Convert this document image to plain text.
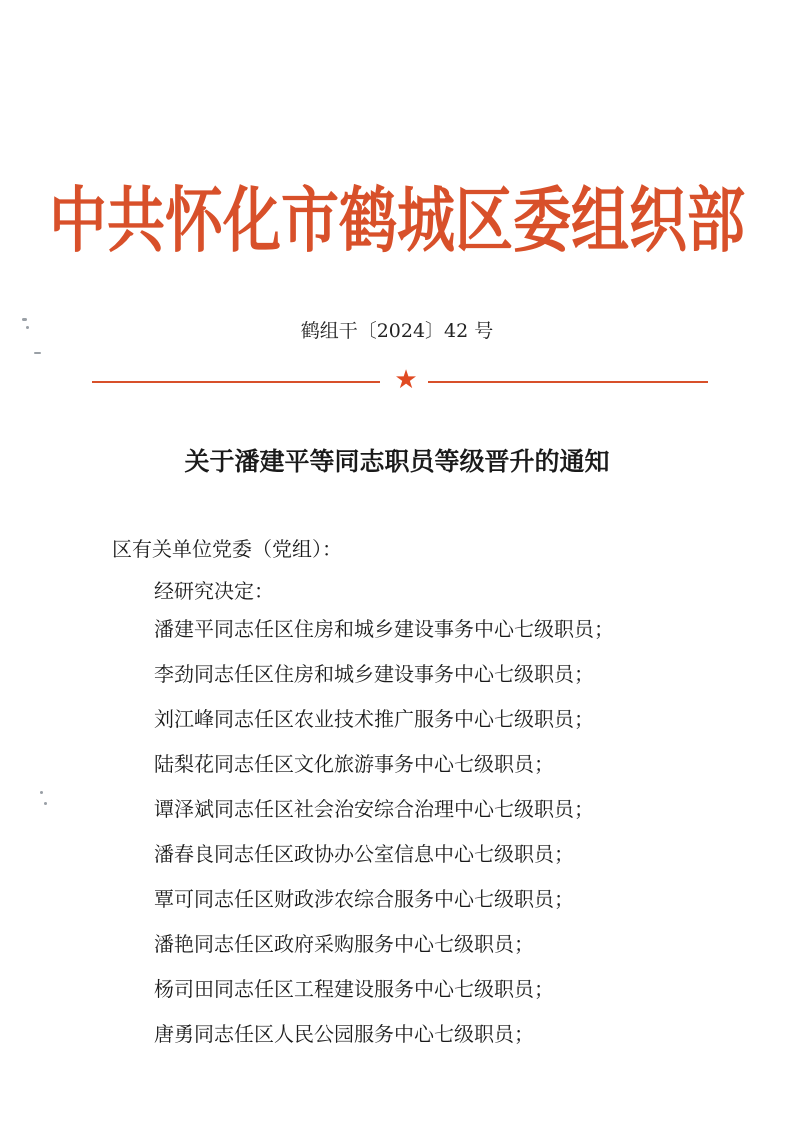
中共怀化市鹤城区委组织部
鹤组干〔2024〕42 号
★
关于潘建平等同志职员等级晋升的通知
区有关单位党委（党组）：
经研究决定：
潘建平同志任区住房和城乡建设事务中心七级职员；
李劲同志任区住房和城乡建设事务中心七级职员；
刘江峰同志任区农业技术推广服务中心七级职员；
陆梨花同志任区文化旅游事务中心七级职员；
谭泽斌同志任区社会治安综合治理中心七级职员；
潘春良同志任区政协办公室信息中心七级职员；
覃可同志任区财政涉农综合服务中心七级职员；
潘艳同志任区政府采购服务中心七级职员；
杨司田同志任区工程建设服务中心七级职员；
唐勇同志任区人民公园服务中心七级职员；
